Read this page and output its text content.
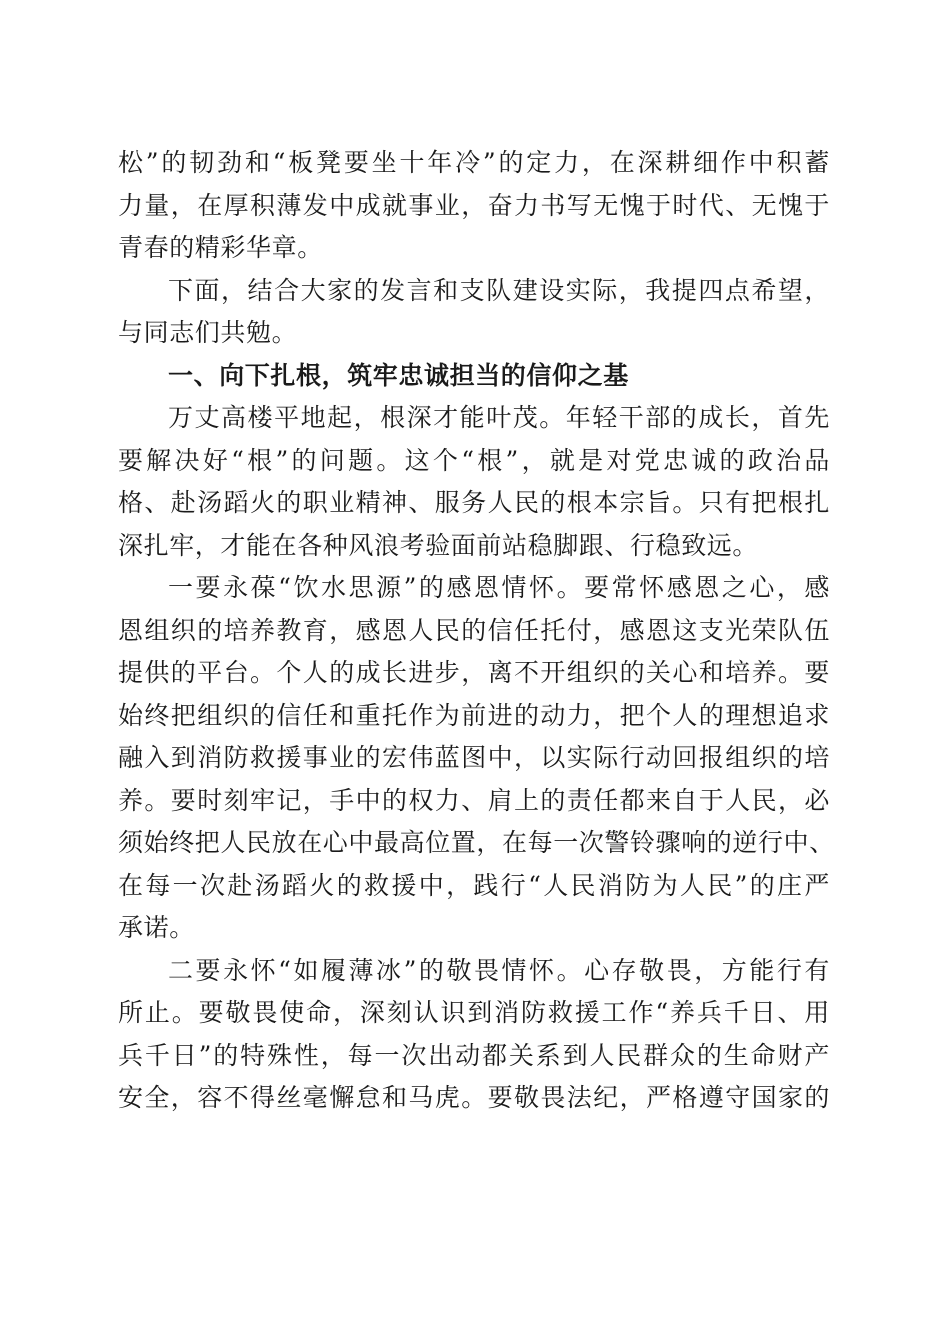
松”的韧劲和“板凳要坐十年冷”的定力，在深耕细作中积蓄
力量，在厚积薄发中成就事业，奋力书写无愧于时代、无愧于
青春的精彩华章。
下面，结合大家的发言和支队建设实际，我提四点希望，
与同志们共勉。
一、向下扎根，筑牢忠诚担当的信仰之基
万丈高楼平地起，根深才能叶茂。年轻干部的成长，首先
要解决好“根”的问题。这个“根”，就是对党忠诚的政治品
格、赴汤蹈火的职业精神、服务人民的根本宗旨。只有把根扎
深扎牢，才能在各种风浪考验面前站稳脚跟、行稳致远。
一要永葆“饮水思源”的感恩情怀。要常怀感恩之心，感
恩组织的培养教育，感恩人民的信任托付，感恩这支光荣队伍
提供的平台。个人的成长进步，离不开组织的关心和培养。要
始终把组织的信任和重托作为前进的动力，把个人的理想追求
融入到消防救援事业的宏伟蓝图中，以实际行动回报组织的培
养。要时刻牢记，手中的权力、肩上的责任都来自于人民，必
须始终把人民放在心中最高位置，在每一次警铃骤响的逆行中、
在每一次赴汤蹈火的救援中，践行“人民消防为人民”的庄严
承诺。
二要永怀“如履薄冰”的敬畏情怀。心存敬畏，方能行有
所止。要敬畏使命，深刻认识到消防救援工作“养兵千日、用
兵千日”的特殊性，每一次出动都关系到人民群众的生命财产
安全，容不得丝毫懈怠和马虎。要敬畏法纪，严格遵守国家的
